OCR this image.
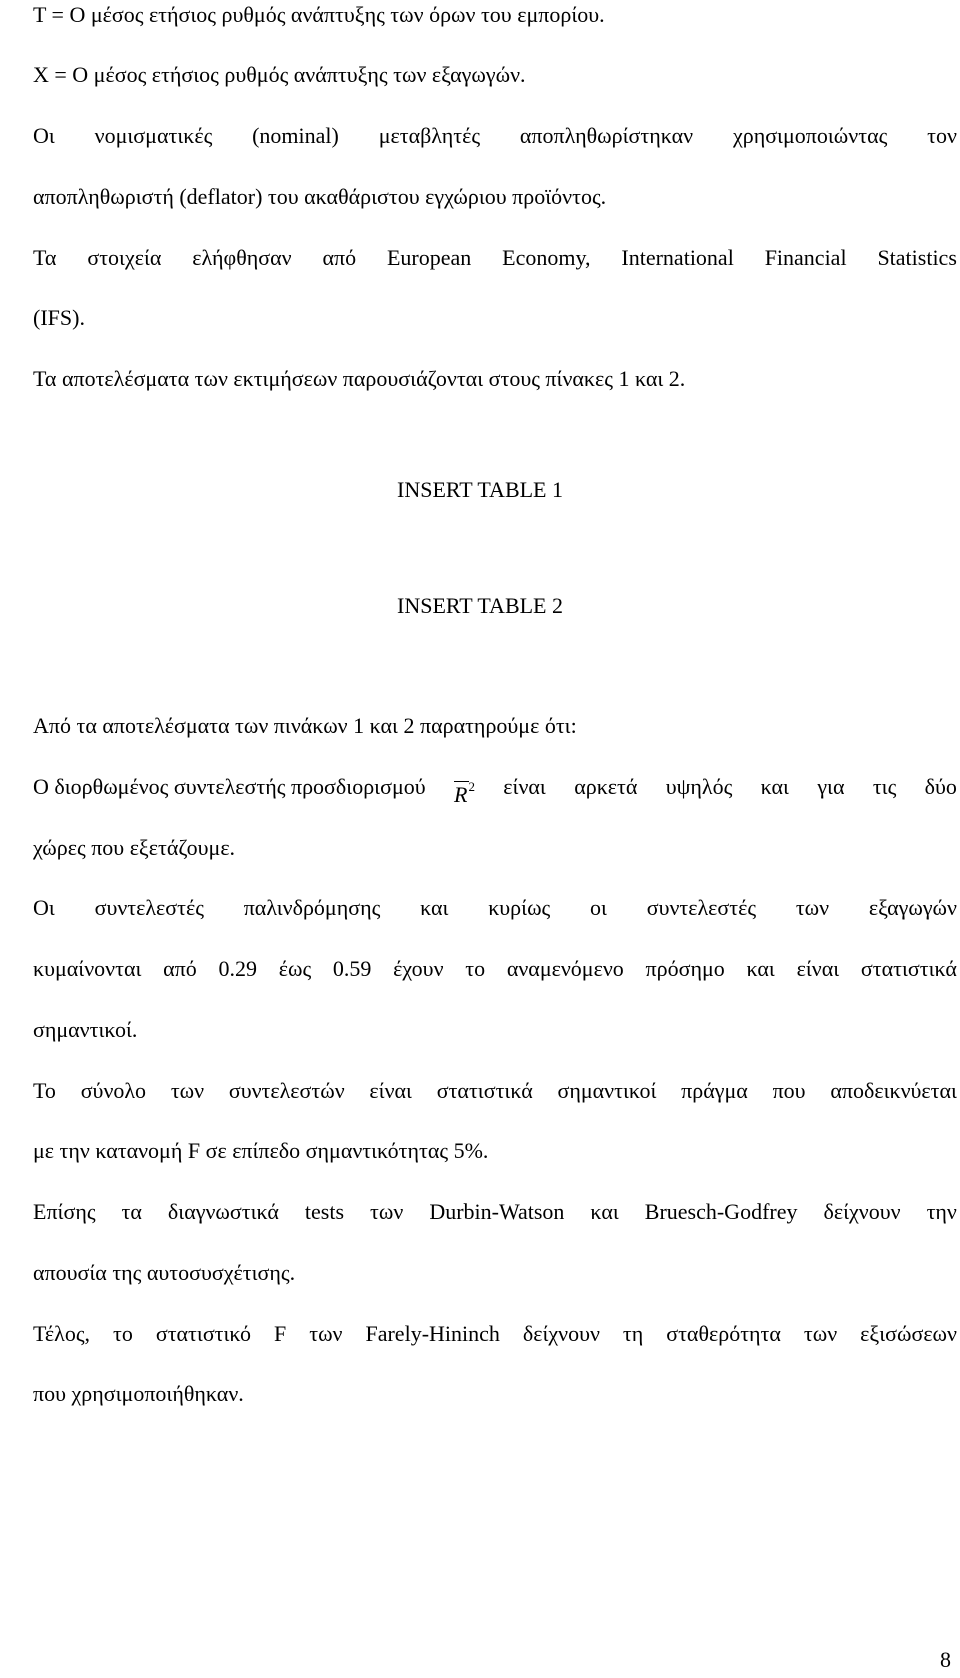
T = Ο μέσος ετήσιος ρυθμός ανάπτυξης των όρων του εμπορίου.
X = Ο μέσος ετήσιος ρυθμός ανάπτυξης των εξαγωγών.
Οι νομισματικές (nominal) μεταβλητές αποπληθωρίστηκαν χρησιμοποιώντας τον
αποπληθωριστή (deflator) του ακαθάριστου εγχώριου προϊόντος.
Τα στοιχεία ελήφθησαν από European Economy, International Financial Statistics
(IFS).
Τα αποτελέσματα των εκτιμήσεων παρουσιάζονται στους πίνακες 1 και 2.
INSERT TABLE 1
INSERT TABLE 2
Από τα αποτελέσματα των πινάκων 1 και 2 παρατηρούμε ότι:
Ο διορθωμένος συντελεστής προσδιορισμού $R^2$ είναι αρκετά υψηλός και για τις δύο
χώρες που εξετάζουμε.
Οι συντελεστές παλινδρόμησης και κυρίως οι συντελεστές των εξαγωγών
κυμαίνονται από 0.29 έως 0.59 έχουν το αναμενόμενο πρόσημο και είναι στατιστικά
σημαντικοί.
Το σύνολο των συντελεστών είναι στατιστικά σημαντικοί πράγμα που αποδεικνύεται
με την κατανομή F σε επίπεδο σημαντικότητας 5%.
Επίσης τα διαγνωστικά tests των Durbin-Watson και Bruesch-Godfrey δείχνουν την
απουσία της αυτοσυσχέτισης.
Τέλος, το στατιστικό F των Farely-Hininch δείχνουν τη σταθερότητα των εξισώσεων
που χρησιμοποιήθηκαν.
8
